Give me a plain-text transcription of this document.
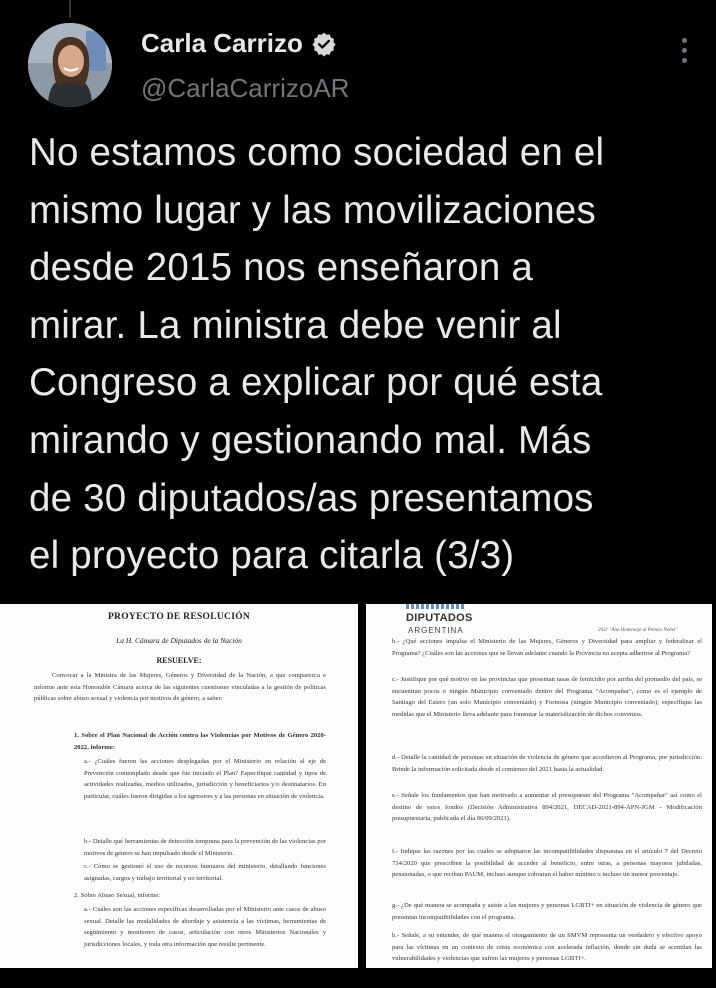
Carla Carrizo
@CarlaCarrizoAR
No estamos como sociedad en el
mismo lugar y las movilizaciones
desde 2015 nos enseñaron a
mirar. La ministra debe venir al
Congreso a explicar por qué esta
mirando y gestionando mal. Más
de 30 diputados/as presentamos
el proyecto para citarla (3/3)
PROYECTO DE RESOLUCIÓN
La H. Cámara de Diputados de la Nación
RESUELVE:
Convocar a la Ministra de las Mujeres, Géneros y Diversidad de la Nación, a que comparezca e informe ante esta Honorable Cámara acerca de las siguientes cuestiones vinculadas a la gestión de políticas públicas sobre abuso sexual y violencia por motivos de género, a saber:
1. Sobre el Plan Nacional de Acción contra las Violencias por Motivos de Género 2020-2022, informe:
a.- ¿Cuáles fueron las acciones desplegadas por el Ministerio en relación al eje de Prevención contemplado desde que fue iniciado el Plan? Especifique cantidad y tipos de actividades realizadas, medios utilizados, jurisdicción y beneficiarios y/o destinatarios. En particular, cuáles fueron dirigidas a los agresores y a las personas en situación de violencia.
b.- Detalle qué herramientas de detección temprana para la prevención de las violencias por motivos de género se han impulsado desde el Ministerio.
c.- Cómo se gestionó el uso de recursos humanos del ministerio, detallando funciones asignadas, cargos y trabajo territorial y no territorial.
2. Sobre Abuso Sexual, informe:
a.- Cuáles son las acciones específicas desarrolladas por el Ministerio ante casos de abuso sexual. Detalle las modalidades de abordaje y asistencia a las víctimas, herramientas de seguimiento y monitoreo de casos, articulación con otros Ministerios Nacionales y jurisdicciones locales, y toda otra información que resulte pertinente.
DIPUTADOS
ARGENTINA	2021 "Año Homenaje al Premio Nobel"
b.- ¿Qué acciones impulsa el Ministerio de las Mujeres, Géneros y Diversidad para ampliar y federalizar el Programa? ¿Cuáles son las acciones que se llevan adelante cuando la Provincia no acepta adherirse al Programa?
c.- Justifique por qué motivo en las provincias que presentan tasas de femicidio por arriba del promedio del país, se encuentran pocos o ningún Municipio conveniado dentro del Programa "Acompañar", como es el ejemplo de Santiago del Estero (un solo Municipio conveniado) y Formosa (ningún Municipio conveniado); especifique las medidas que el Ministerio lleva adelante para fomentar la materialización de dichos convenios.
d.- Detalle la cantidad de personas en situación de violencia de género que accedieron al Programa, por jurisdicción. Brinde la información solicitada desde el comienzo del 2021 hasta la actualidad.
e.- Señale los fundamentos que han motivado a aumentar el presupuesto del Programa "Acompañar" así como el destino de estos fondos (Decisión Administrativa 894/2021, DECAD-2021-894-APN-JGM - Modificación presupuestaria, publicada el día 06/09/2021).
f.- Indique las razones por las cuales se adoptaron las incompatibilidades dispuestas en el artículo 7 del Decreto 734/2020 que prescriben la posibilidad de acceder al beneficio, entre otras, a personas mayores jubiladas, pensionadas, o que reciban PAUM, incluso aunque cobraran el haber mínimo o incluso un menor porcentaje.
g.- ¿De qué manera se acompaña y asiste a las mujeres y personas LGBTI+ en situación de violencia de género que presentan incompatibilidades con el programa.
h.- Señale, a su entender, de qué manera el otorgamiento de un SMVM representa un verdadero y efectivo apoyo para las víctimas en un contexto de crisis económica con acelerada inflación, donde sin duda se acentúan las vulnerabilidades y violencias que sufren las mujeres y personas LGBTI+.
